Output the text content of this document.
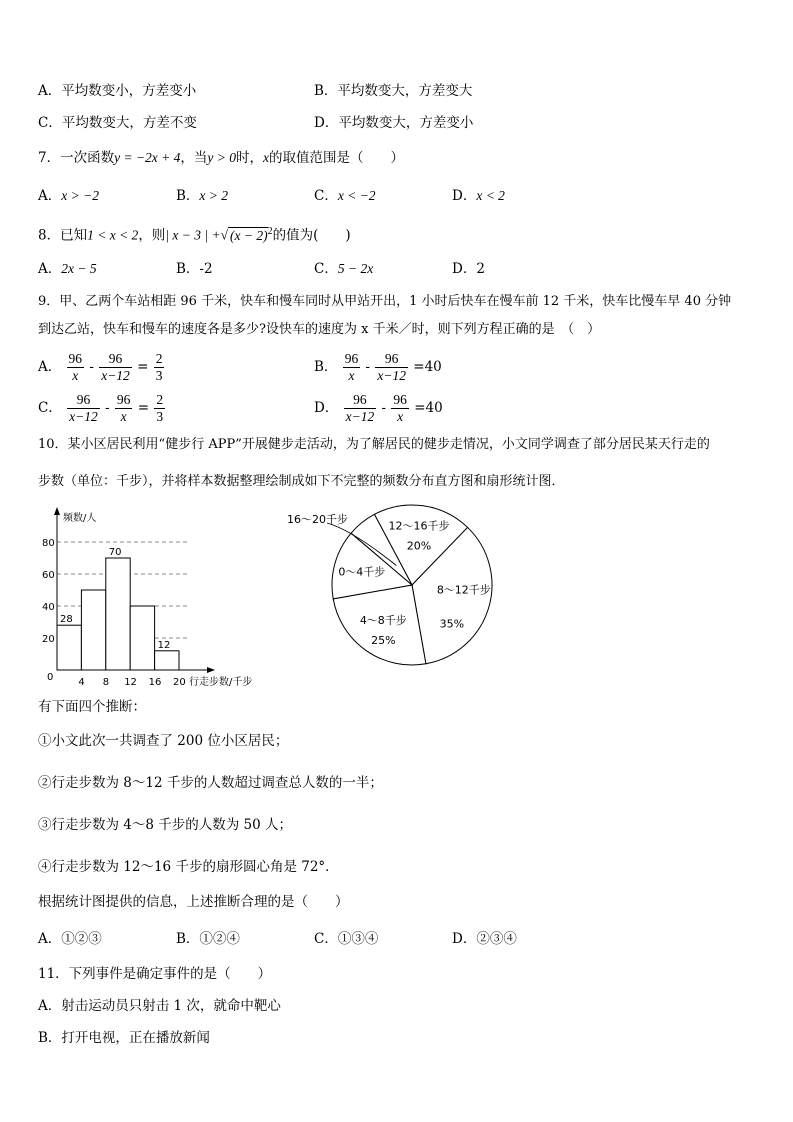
A．平均数变小，方差变小	B．平均数变大，方差变大
C．平均数变大，方差不变	D．平均数变大，方差变小
7．一次函数y = −2x + 4，当y > 0时，x的取值范围是（　　）
A．x > −2	B．x > 2	C．x < −2	D．x < 2
8．已知1 < x < 2，则| x − 3 | +√ $(x - 2)^2$的值为(　　)
A．2x − 5	B．-2	C．5 − 2x	D．2
9．甲、乙两个车站相距 96 千米，快车和慢车同时从甲站开出，1 小时后快车在慢车前 12 千米，快车比慢车早 40 分钟
到达乙站，快车和慢车的速度各是多少?设快车的速度为 x 千米／时，则下列方程正确的是　（　）
A． $\frac{96}{x} - \frac{96}{x-12} = \frac{2}{3}$	B． $\frac{96}{x} - \frac{96}{x-12} =40$
C． $\frac{96}{x-12} - \frac{96}{x} = \frac{2}{3}$	D． $\frac{96}{x-12} - \frac{96}{x} =40$
10．某小区居民利用“健步行 APP”开展健步走活动，为了解居民的健步走情况，小文同学调查了部分居民某天行走的
步数（单位：千步），并将样本数据整理绘制成如下不完整的频数分布直方图和扇形统计图．
28
70
12
20
40
60
80
0	4 8 12 16 20
频数/人
行走步数/千步
12～16千步
20%
8～12千步
35%
4～8千步
25%
0～4千步
16～20千步
有下面四个推断：
①小文此次一共调查了 200 位小区居民；
②行走步数为 8～12 千步的人数超过调查总人数的一半；
③行走步数为 4～8 千步的人数为 50 人；
④行走步数为 12～16 千步的扇形圆心角是 72°．
根据统计图提供的信息，上述推断合理的是（　　）
A．①②③	B．①②④	C．①③④	D．②③④
11．下列事件是确定事件的是（　　）
A．射击运动员只射击 1 次，就命中靶心
B．打开电视，正在播放新闻
